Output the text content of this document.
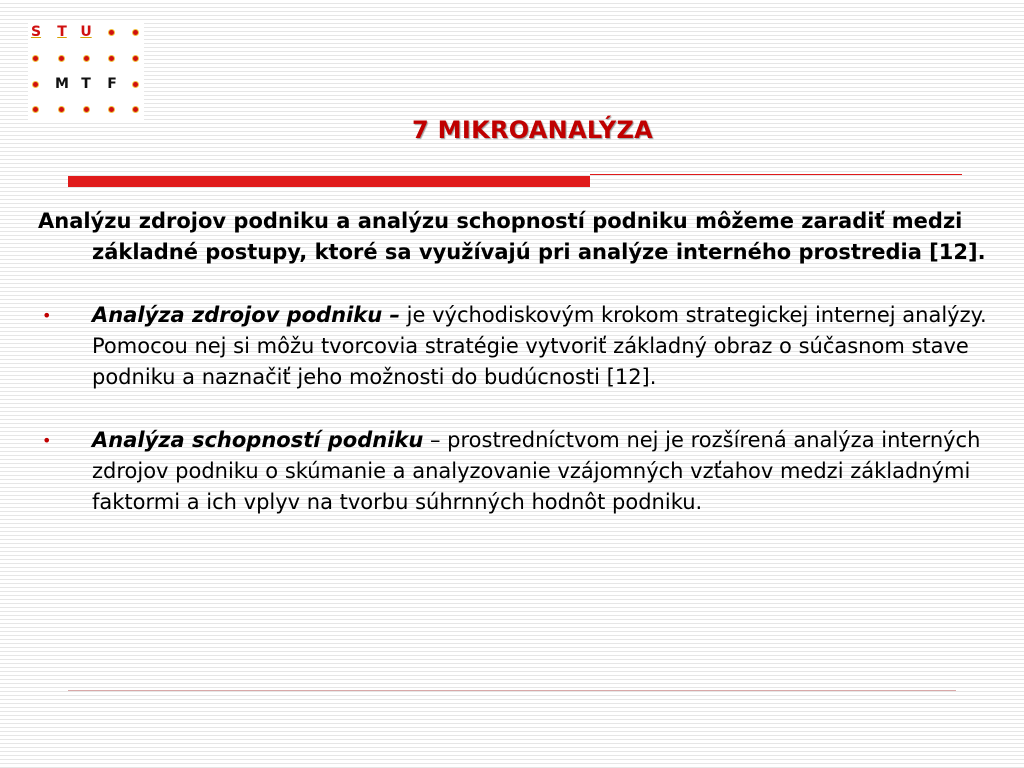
S	T U
M T	F
7 MIKROANALÝZA

Analýzu zdrojov podniku a analýzu schopností podniku môžeme zaradiť medzi základné postupy, ktoré sa využívajú pri analýze interného prostredia [12].

• Analýza zdrojov podniku – je východiskovým krokom strategickej internej analýzy. Pomocou nej si môžu tvorcovia stratégie vytvoriť základný obraz o súčasnom stave podniku a naznačiť jeho možnosti do budúcnosti [12].

• Analýza schopností podniku – prostredníctvom nej je rozšírená analýza interných zdrojov podniku o skúmanie a analyzovanie vzájomných vzťahov medzi základnými faktormi a ich vplyv na tvorbu súhrnných hodnôt podniku.
